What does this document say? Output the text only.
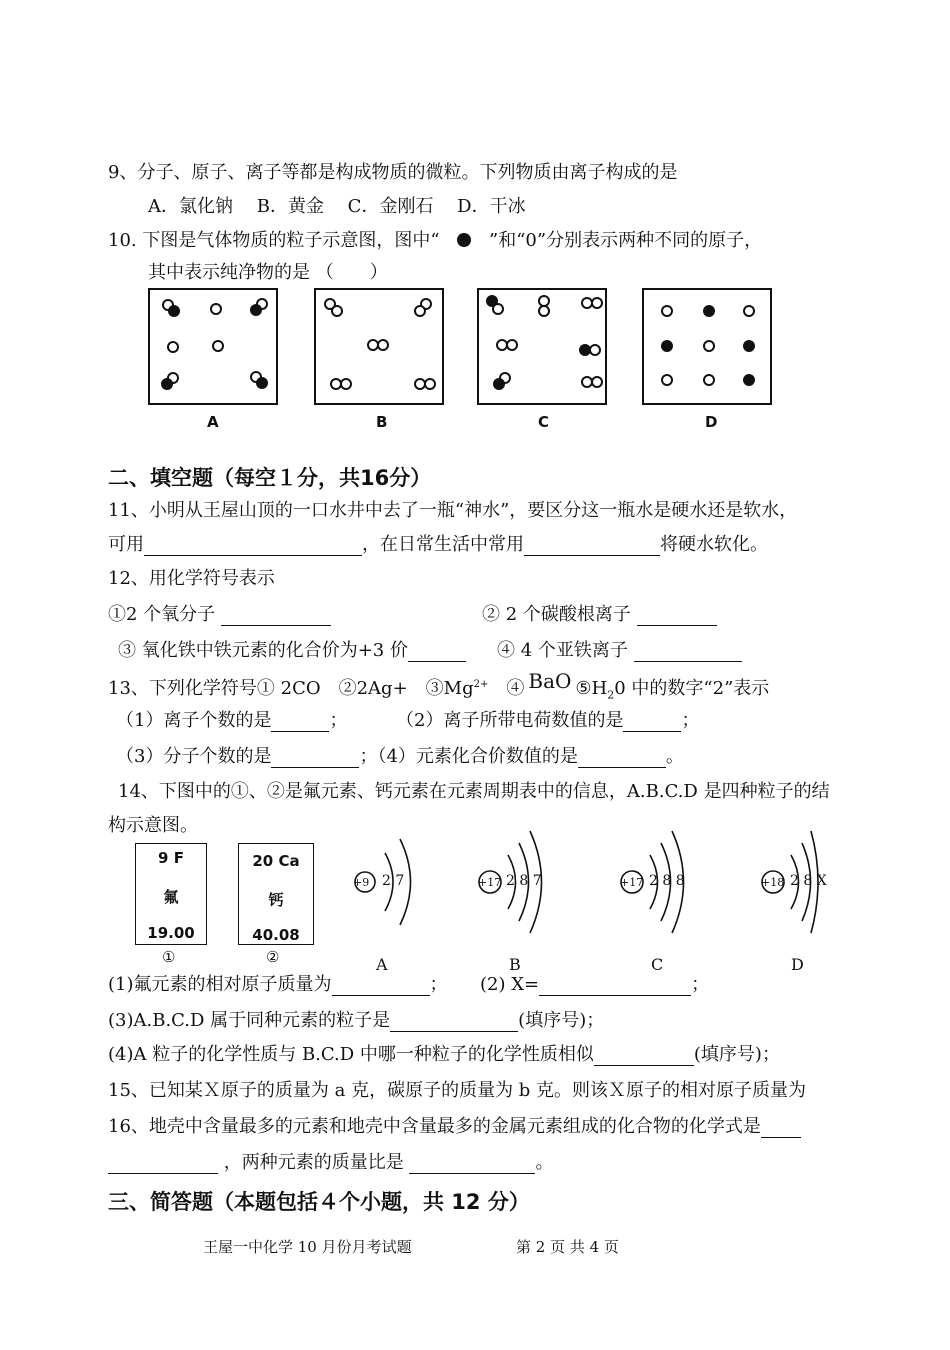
9、分子、原子、离子等都是构成物质的微粒。下列物质由离子构成的是
A．氯化钠　 B．黄金　 C．金刚石　 D．干冰
10. 下图是气体物质的粒子示意图，图中“	”和“0”分别表示两种不同的原子，
其中表示纯净物的是 （　　）
A	B	C	D
二、填空题（每空１分，共16分）
11、小明从王屋山顶的一口水井中去了一瓶“神水”，要区分这一瓶水是硬水还是软水，
可用	，在日常生活中常用	将硬水软化。
12、用化学符号表示
①2 个氧分子	② 2 个碳酸根离子
③ 氧化铁中铁元素的化合价为+3 价	④ 4 个亚铁离子
13、下列化学符号① 2CO　②2Ag+　$③Mg^{2+}$　④ BaO $⑤H_20$ 中的数字“2”表示
（1）离子个数的是	；	（2）离子所带电荷数值的是	；
（3）分子个数的是	；（4）元素化合价数值的是	。
14、下图中的①、②是氟元素、钙元素在元素周期表中的信息，A.B.C.D 是四种粒子的结
构示意图。
9 F
氟
19.00
①
20 Ca
钙
40.08
②
+9 2 7	+17 2 8 7	+17 2 8 8	+18 2 8 X
A	B	C	D
(1)氟元素的相对原子质量为	； (2) X=	；
(3)A.B.C.D 属于同种元素的粒子是	(填序号)；
(4)A 粒子的化学性质与 B.C.D 中哪一种粒子的化学性质相似	(填序号)；
15、已知某Ｘ原子的质量为 a 克，碳原子的质量为 b 克。则该Ｘ原子的相对原子质量为
16、地壳中含量最多的元素和地壳中含量最多的金属元素组成的化合物的化学式是
，两种元素的质量比是	。
三、简答题（本题包括４个小题，共 12 分）
王屋一中化学 10 月份月考试题	第 2 页 共 4 页
